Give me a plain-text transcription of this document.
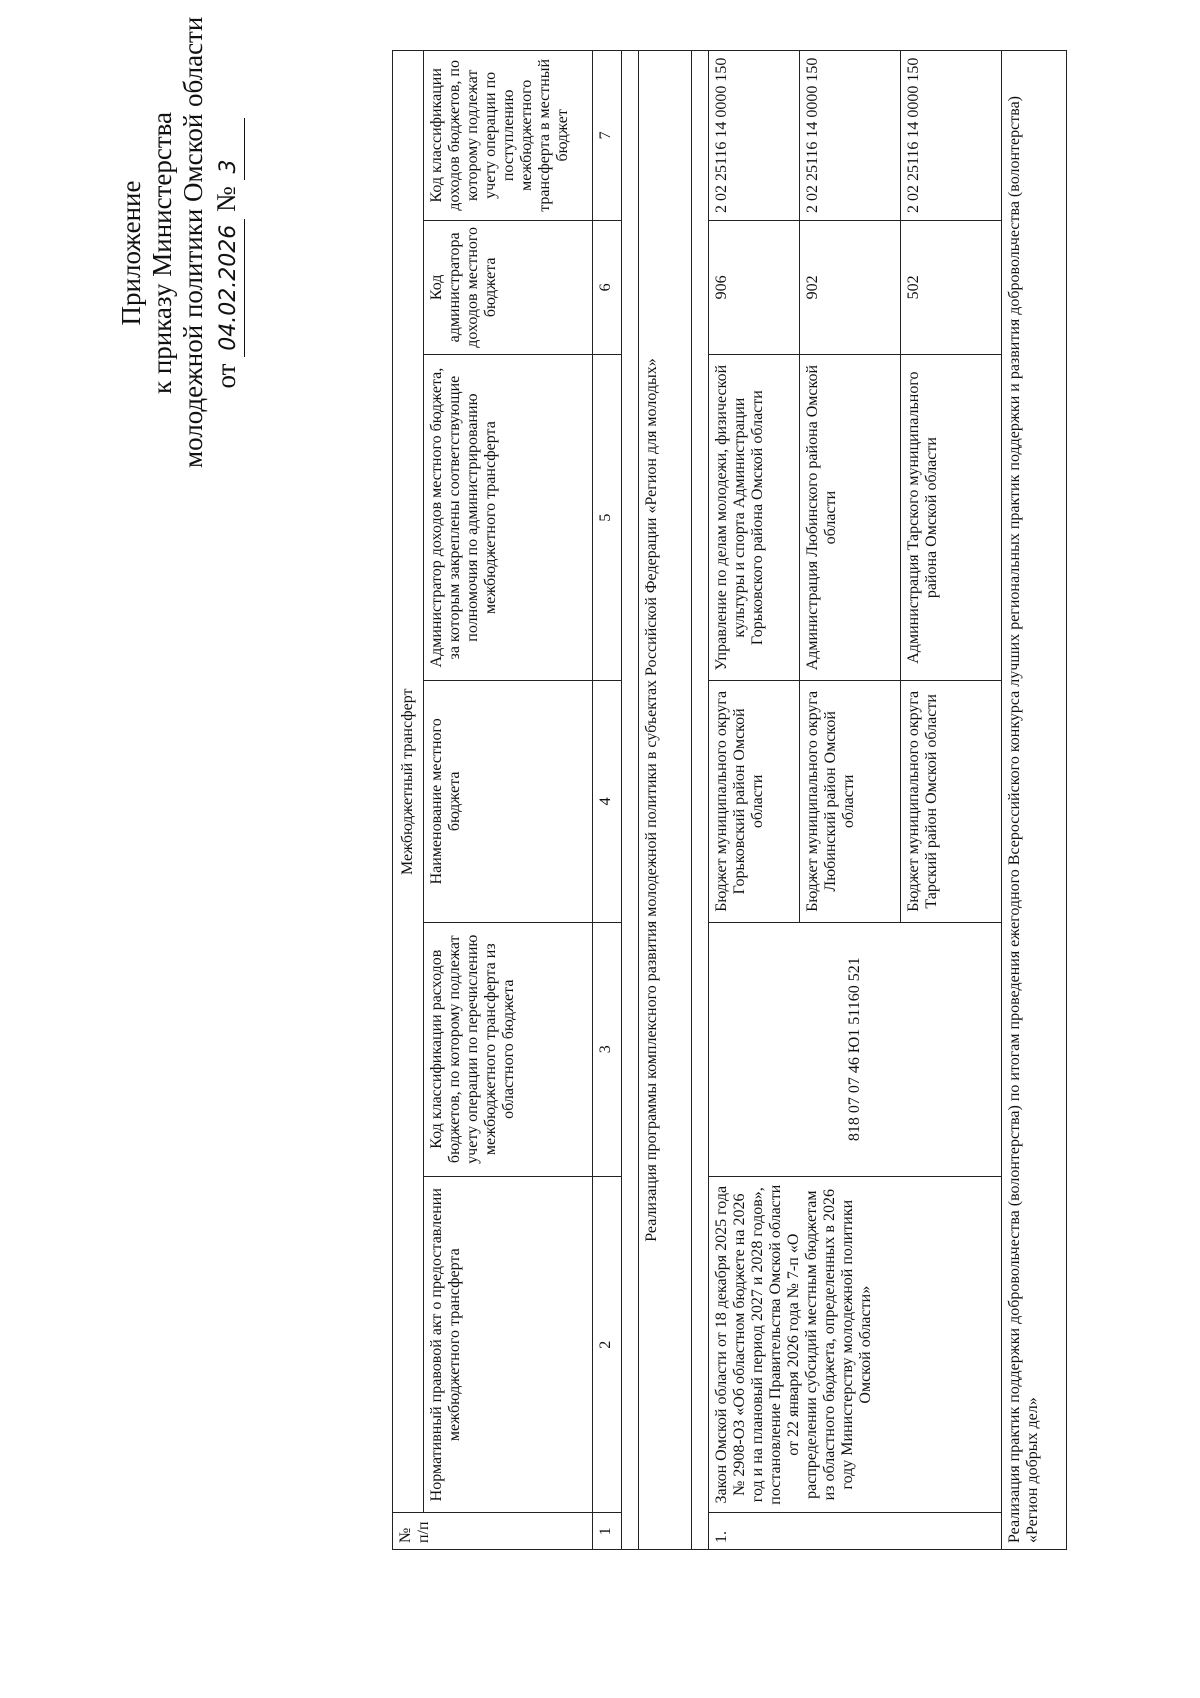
Приложение к приказу Министерства молодежной политики Омской области от 04.02.2026 № 3
№ п/п	Межбюджетный трансферт					
	Нормативный правовой акт о предоставлении межбюджетного трансферта	Код классификации расходов бюджетов, по которому подлежат учету операции по перечислению межбюджетного трансферта из областного бюджета	Наименование местного бюджета	Администратор доходов местного бюджета, за которым закреплены соответствующие полномочия по администрированию межбюджетного трансферта	Код администратора доходов местного бюджета	Код классификации доходов бюджетов, по которому подлежат учету операции по поступлению межбюджетного трансферта в местный бюджет
1	2	3	4	5	6	7

Реализация программы комплексного развития молодежной политики в субъектах Российской Федерации «Регион для молодых»						

1.	Закон Омской области от 18 декабря 2025 года № 2908-ОЗ «Об областном бюджете на 2026 год и на плановый период 2027 и 2028 годов», постановление Правительства Омской области от 22 января 2026 года № 7-п «О распределении субсидий местным бюджетам из областного бюджета, определенных в 2026 году Министерству молодежной политики Омской области»	818 07 07 46 Ю1 51160 521	Бюджет муниципального округа Горьковский район Омской области	Управление по делам молодежи, физической культуры и спорта Администрации Горьковского района Омской области	906	2 02 25116 14 0000 150
			Бюджет муниципального округа Любинский район Омской области	Администрация Любинского района Омской области	902	2 02 25116 14 0000 150
			Бюджет муниципального округа Тарский район Омской области	Администрация Тарского муниципального района Омской области	502	2 02 25116 14 0000 150
Реализация практик поддержки добровольчества (волонтерства) по итогам проведения ежегодного Всероссийского конкурса лучших региональных практик поддержки и развития добровольчества (волонтерства) «Регион добрых дел»						
